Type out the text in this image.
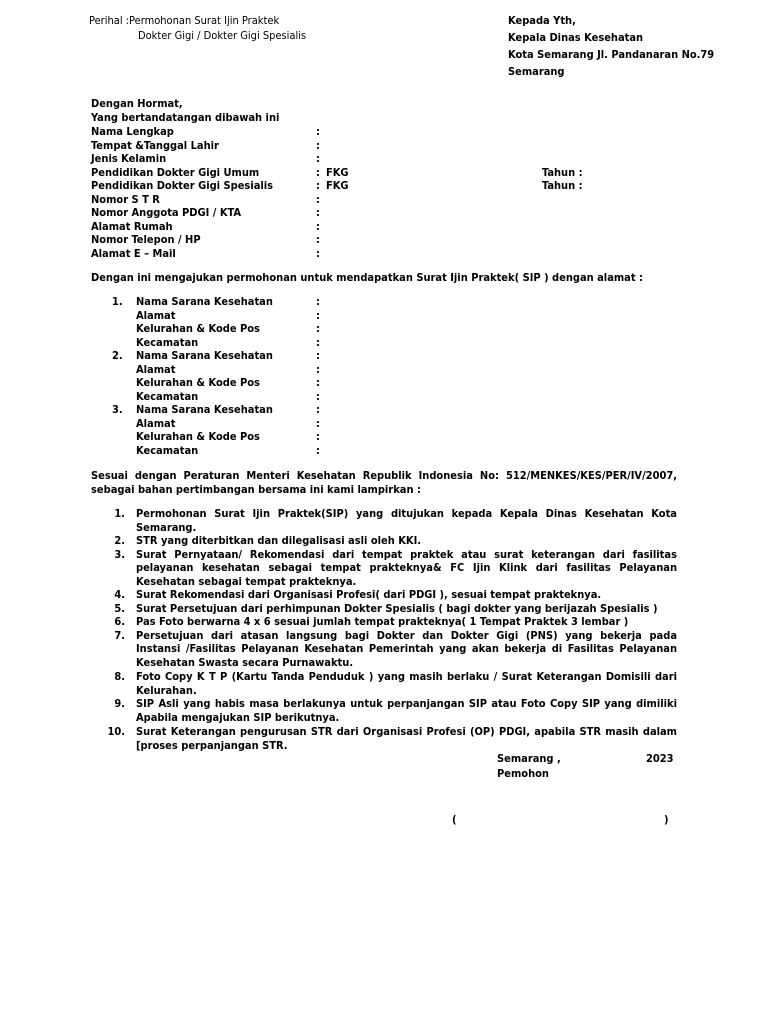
Perihal :Permohonan Surat Ijin Praktek
Dokter Gigi / Dokter Gigi Spesialis
Kepada Yth,
Kepala Dinas Kesehatan
Kota Semarang Jl. Pandanaran No.79
Semarang
Dengan Hormat,
Yang bertandatangan dibawah ini
Nama Lengkap	:
Tempat &Tanggal Lahir	:
Jenis Kelamin	:
Pendidikan Dokter Gigi Umum	: FKG	Tahun :
Pendidikan Dokter Gigi Spesialis	: FKG	Tahun :
Nomor S T R	:
Nomor Anggota PDGI / KTA	:
Alamat Rumah	:
Nomor Telepon / HP	:
Alamat E – Mail	:
Dengan ini mengajukan permohonan untuk mendapatkan Surat Ijin Praktek( SIP ) dengan alamat :
1. Nama Sarana Kesehatan	:
Alamat	:
Kelurahan & Kode Pos	:
Kecamatan	:
2. Nama Sarana Kesehatan	:
Alamat	:
Kelurahan & Kode Pos	:
Kecamatan	:
3. Nama Sarana Kesehatan	:
Alamat	:
Kelurahan & Kode Pos	:
Kecamatan	:
Sesuai dengan Peraturan Menteri Kesehatan Republik Indonesia No: 512/MENKES/KES/PER/IV/2007,
sebagai bahan pertimbangan bersama ini kami lampirkan :
1. Permohonan Surat Ijin Praktek(SIP) yang ditujukan kepada Kepala Dinas Kesehatan Kota
Semarang.
2. STR yang diterbitkan dan dilegalisasi asli oleh KKI.
3. Surat Pernyataan/ Rekomendasi dari tempat praktek atau surat keterangan dari fasilitas
pelayanan kesehatan sebagai tempat prakteknya& FC Ijin Klink dari fasilitas Pelayanan
Kesehatan sebagai tempat prakteknya.
4. Surat Rekomendasi dari Organisasi Profesi( dari PDGI ), sesuai tempat prakteknya.
5. Surat Persetujuan dari perhimpunan Dokter Spesialis ( bagi dokter yang berijazah Spesialis )
6. Pas Foto berwarna 4 x 6 sesuai jumlah tempat prakteknya( 1 Tempat Praktek 3 lembar )
7. Persetujuan dari atasan langsung bagi Dokter dan Dokter Gigi (PNS) yang bekerja pada
Instansi /Fasilitas Pelayanan Kesehatan Pemerintah yang akan bekerja di Fasilitas Pelayanan
Kesehatan Swasta secara Purnawaktu.
8. Foto Copy K T P (Kartu Tanda Penduduk ) yang masih berlaku / Surat Keterangan Domisili dari
Kelurahan.
9. SIP Asli yang habis masa berlakunya untuk perpanjangan SIP atau Foto Copy SIP yang dimiliki
Apabila mengajukan SIP berikutnya.
10. Surat Keterangan pengurusan STR dari Organisasi Profesi (OP) PDGI, apabila STR masih dalam
[proses perpanjangan STR.
Semarang ,	2023
Pemohon
(	)
